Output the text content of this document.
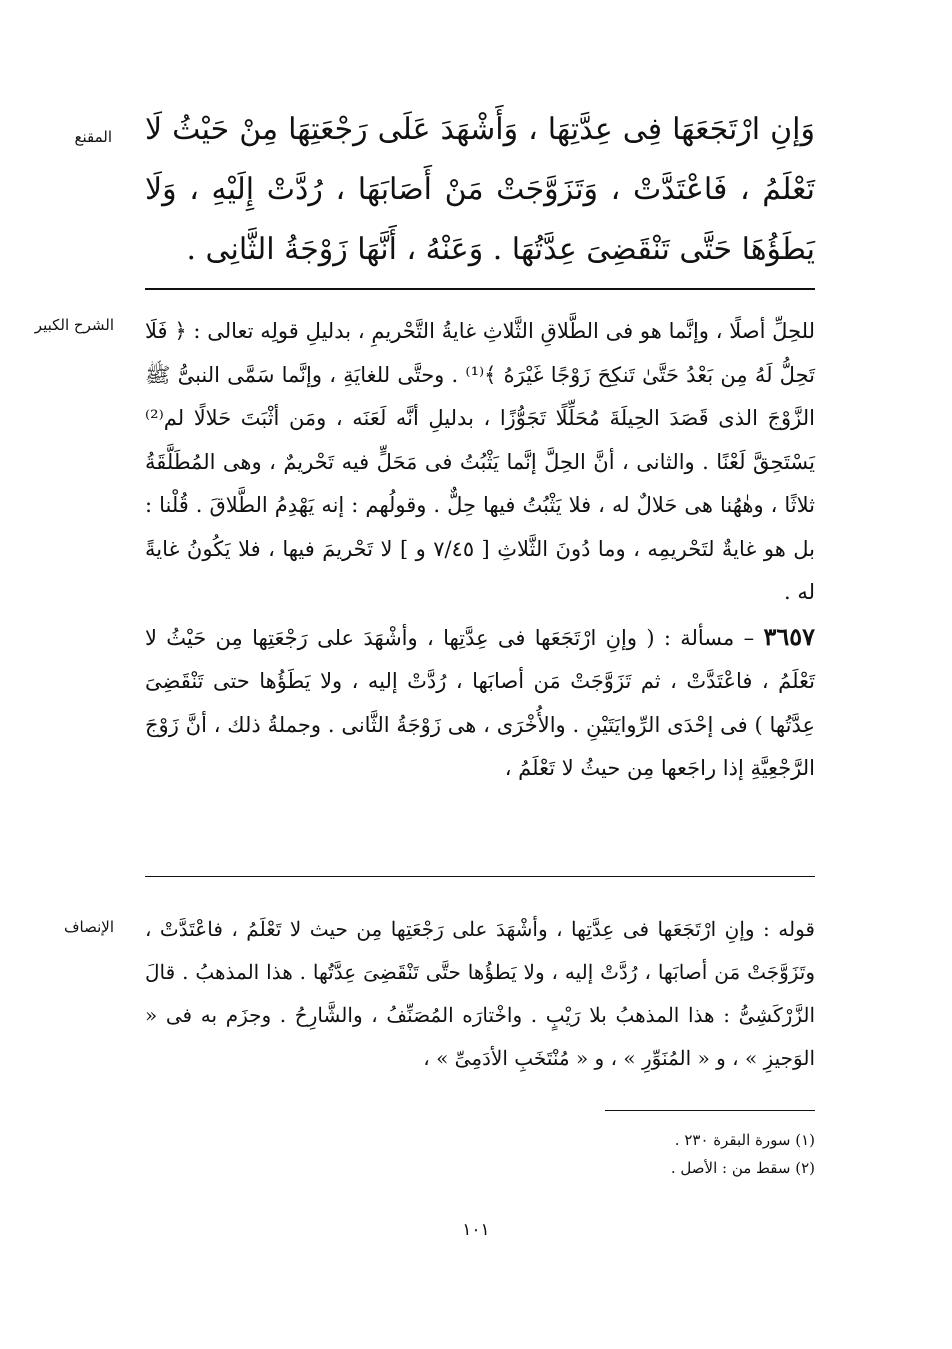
المقنع وَإنِ ارْتَجَعَهَا فِى عِدَّتِهَا ، وَأَشْهَدَ عَلَى رَجْعَتِهَا مِنْ حَيْثُ لَا تَعْلَمُ ، فَاعْتَدَّتْ ، وَتَزَوَّجَتْ مَنْ أَصَابَهَا ، رُدَّتْ إِلَيْهِ ، وَلَا يَطَؤُهَا حَتَّى تَنْقَضِىَ عِدَّتُهَا . وَعَنْهُ ، أَنَّهَا زَوْجَةُ الثَّانِى .

الشرح الكبير للحِلِّ أصلًا ، وإنَّما هو فى الطَّلاقِ الثَّلاثِ غايةُ التَّحْريمِ ، بدليلِ قولِه تعالى : ﴿ فَلَا تَحِلُّ لَهُ مِن بَعْدُ حَتَّىٰ تَنكِحَ زَوْجًا غَيْرَهُ ﴾⁽¹⁾ . وحتَّى للغايَةِ ، وإنَّما سَمَّى النبىُّ ﷺ الزَّوْجَ الذى قَصَدَ الحِيلَةَ مُحَلِّلًا تَجَوُّزًا ، بدليلِ أنَّه لَعَنَه ، ومَن أثْبَتَ حَلالًا لم⁽²⁾ يَسْتَحِقَّ لَعْنًا . والثانى ، أنَّ الحِلَّ إنَّما يَثْبُتُ فى مَحَلٍّ فيه تَحْريمٌ ، وهى المُطَلَّقَةُ ثلاثًا ، وهٰهُنا هى حَلالٌ له ، فلا يَثْبُتُ فيها حِلٌّ . وقولُهم : إنه يَهْدِمُ الطَّلاقَ . قُلْنا : بل هو غايةٌ لتَحْريمِه ، وما دُونَ الثَّلاثِ [ ٧/٤٥ و ] لا تَحْريمَ فيها ، فلا يَكُونُ غايةً له .

٣٦٥٧ – مسألة : ( وإنِ ارْتَجَعَها فى عِدَّتِها ، وأشْهَدَ على رَجْعَتِها مِن حَيْثُ لا تَعْلَمُ ، فاعْتَدَّتْ ، ثم تَزَوَّجَتْ مَن أصابَها ، رُدَّتْ إليه ، ولا يَطَؤُها حتى تَنْقَضِىَ عِدَّتُها ) فى إحْدَى الرِّوايَتَيْنِ . والأُخْرَى ، هى زَوْجَةُ الثَّانى . وجملةُ ذلك ، أنَّ زَوْجَ الرَّجْعِيَّةِ إذا راجَعها مِن حيثُ لا تَعْلَمُ ،

الإنصاف قوله : وإنِ ارْتَجَعَها فى عِدَّتِها ، وأشْهَدَ على رَجْعَتِها مِن حيث لا تَعْلَمُ ، فاعْتَدَّتْ ، وتَزَوَّجَتْ مَن أصابَها ، رُدَّتْ إليه ، ولا يَطؤُها حتَّى تَنْقَضِىَ عِدَّتُها . هذا المذهبُ . قالَ الزَّرْكَشِىُّ : هذا المذهبُ بلا رَيْبٍ . واخْتارَه المُصَنِّفُ ، والشَّارِحُ . وجزَم به فى « الوَجيزِ » ، و « المُنَوِّرِ » ، و « مُنْتَخَبِ الأدَمِىِّ » ،

(١) سورة البقرة ٢٣٠ .
(٢) سقط من : الأصل .
١٠١
